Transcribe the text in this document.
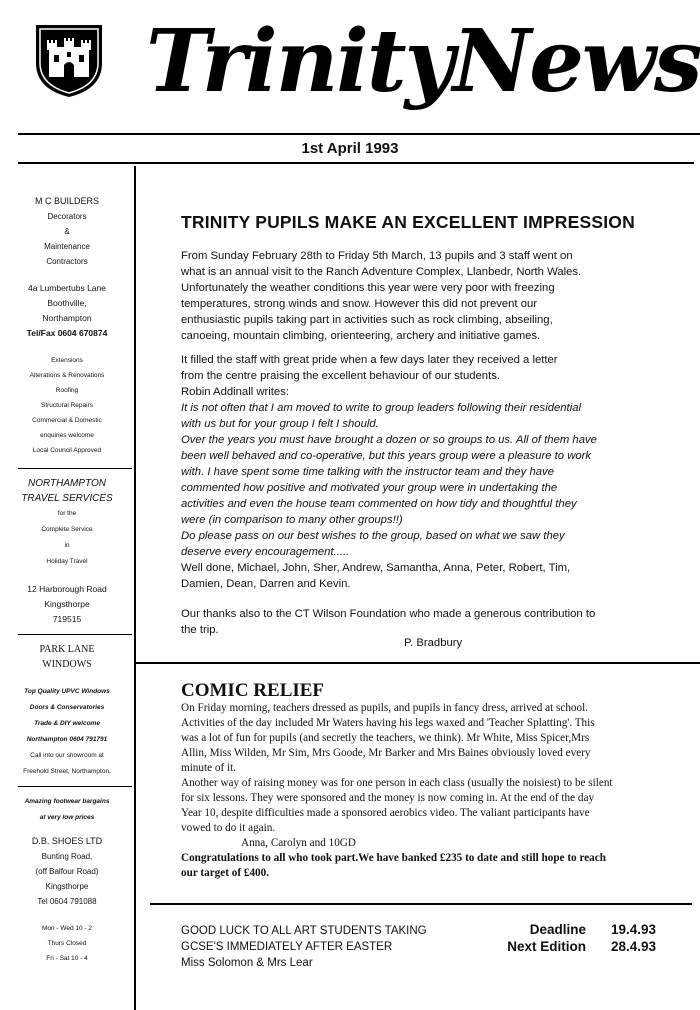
TrinityNews
1st April 1993
M C BUILDERS
Decorators
&
Maintenance
Contractors
4a Lumbertubs Lane
Boothville,
Northampton
Tel/Fax 0604 670874
Extensions
Alterations & Renovations
Roofing
Structural Repairs
Commercial & Domestic
enquiries welcome
Local Council Approved
NORTHAMPTON
TRAVEL SERVICES
for the
Complete Service
in
Holiday Travel
12 Harborough Road
Kingsthorpe
719515
PARK LANE
WINDOWS
Top Quality UPVC Windows
Doors & Conservatories
Trade & DIY welcome
Northampton 0604 791791
Call into our showroom at
Freehold Street, Northampton.
Amazing footwear bargains
at very low prices
D.B. SHOES LTD
Bunting Road,
(off Balfour Road)
Kingsthorpe
Tel 0604 791088
Mon - Wed 10 - 2
Thurs Closed
Fri - Sat 10 - 4
TRINITY PUPILS MAKE AN EXCELLENT IMPRESSION
From Sunday February 28th to Friday 5th March, 13 pupils and 3 staff went on
what is an annual visit to the Ranch Adventure Complex, Llanbedr, North Wales.
Unfortunately the weather conditions this year were very poor with freezing
temperatures, strong winds and snow. However this did not prevent our
enthusiastic pupils taking part in activities such as rock climbing, abseiling,
canoeing, mountain climbing, orienteering, archery and initiative games.
It filled the staff with great pride when a few days later they received a letter
from the centre praising the excellent behaviour of our students.
Robin Addinall writes:
It is not often that I am moved to write to group leaders following their residential
with us but for your group I felt I should.
Over the years you must have brought a dozen or so groups to us. All of them have
been well behaved and co-operative, but this years group were a pleasure to work
with. I have spent some time talking with the instructor team and they have
commented how positive and motivated your group were in undertaking the
activities and even the house team commented on how tidy and thoughtful they
were (in comparison to many other groups!!)
Do please pass on our best wishes to the group, based on what we saw they
deserve every encouragement.....
Well done, Michael, John, Sher, Andrew, Samantha, Anna, Peter, Robert, Tim,
Damien, Dean, Darren and Kevin.
Our thanks also to the CT Wilson Foundation who made a generous contribution to
the trip.
P. Bradbury
COMIC RELIEF
On Friday morning, teachers dressed as pupils, and pupils in fancy dress, arrived at school.
Activities of the day included Mr Waters having his legs waxed and 'Teacher Splatting'. This
was a lot of fun for pupils (and secretly the teachers, we think). Mr White, Miss Spicer,Mrs
Allin, Miss Wilden, Mr Sim, Mrs Goode, Mr Barker and Mrs Baines obviously loved every
minute of it.
Another way of raising money was for one person in each class (usually the noisiest) to be silent
for six lessons. They were sponsored and the money is now coming in. At the end of the day
Year 10, despite difficulties made a sponsored aerobics video. The valiant participants have
vowed to do it again.
Anna, Carolyn and 10GD
Congratulations to all who took part.We have banked £235 to date and still hope to reach
our target of £400.
GOOD LUCK TO ALL ART STUDENTS TAKING
GCSE'S IMMEDIATELY AFTER EASTER
Miss Solomon & Mrs Lear
Deadline 19.4.93
Next Edition 28.4.93
